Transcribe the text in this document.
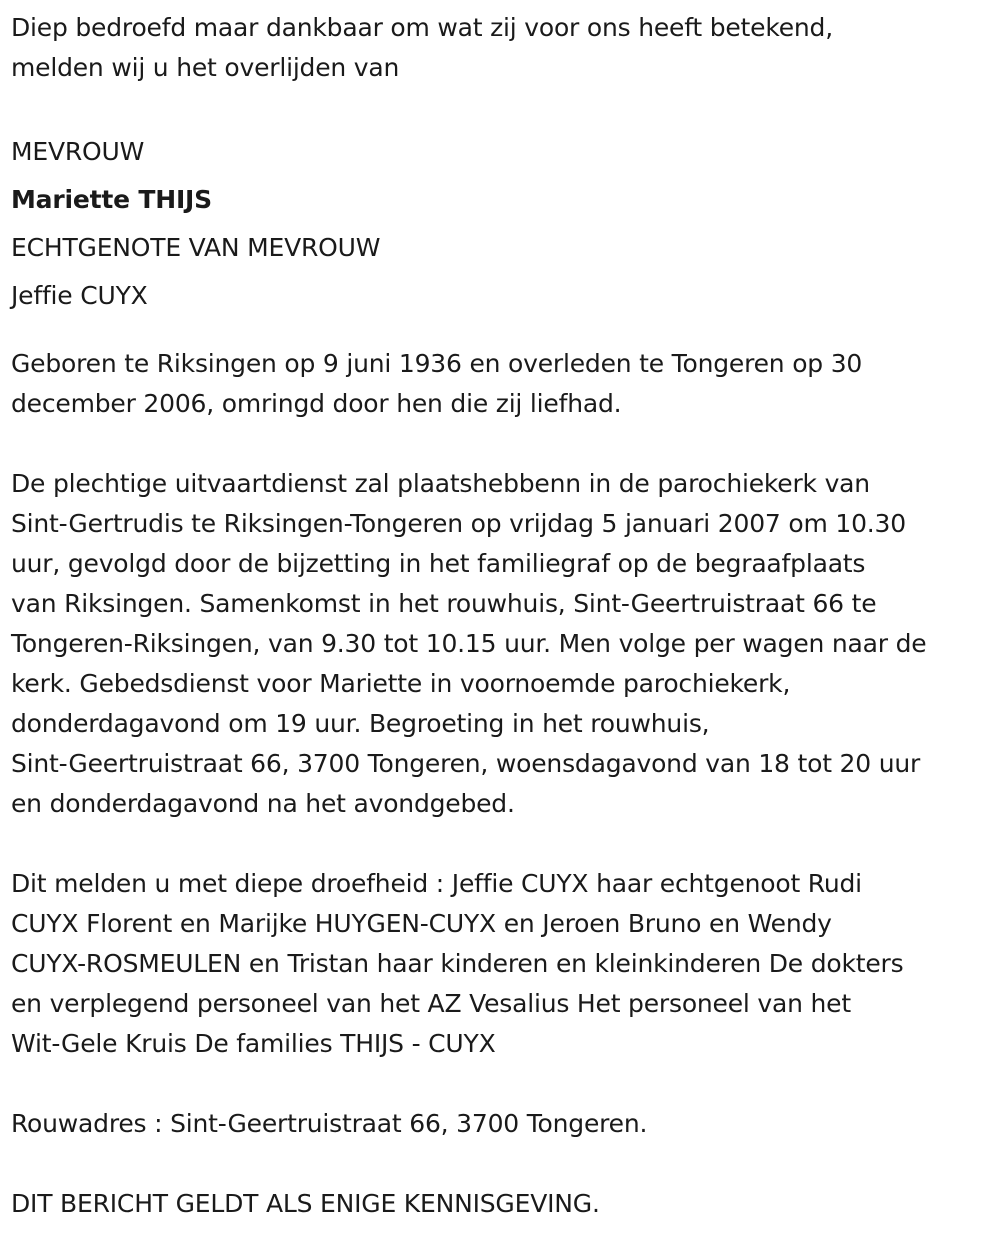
Diep bedroefd maar dankbaar om wat zij voor ons heeft betekend,

melden wij u het overlijden van

MEVROUW

Mariette THIJS

ECHTGENOTE VAN MEVROUW

Jeffie CUYX

Geboren te Riksingen op 9 juni 1936 en overleden te Tongeren op 30

december 2006, omringd door hen die zij liefhad.

De plechtige uitvaartdienst zal plaatshebbenn in de parochiekerk van

Sint-Gertrudis te Riksingen-Tongeren op vrijdag 5 januari 2007 om 10.30

uur, gevolgd door de bijzetting in het familiegraf op de begraafplaats

van Riksingen. Samenkomst in het rouwhuis, Sint-Geertruistraat 66 te

Tongeren-Riksingen, van 9.30 tot 10.15 uur. Men volge per wagen naar de

kerk. Gebedsdienst voor Mariette in voornoemde parochiekerk,

donderdagavond om 19 uur. Begroeting in het rouwhuis,

Sint-Geertruistraat 66, 3700 Tongeren, woensdagavond van 18 tot 20 uur

en donderdagavond na het avondgebed.

Dit melden u met diepe droefheid : Jeffie CUYX haar echtgenoot Rudi

CUYX Florent en Marijke HUYGEN-CUYX en Jeroen Bruno en Wendy

CUYX-ROSMEULEN en Tristan haar kinderen en kleinkinderen De dokters

en verplegend personeel van het AZ Vesalius Het personeel van het

Wit-Gele Kruis De families THIJS - CUYX

Rouwadres : Sint-Geertruistraat 66, 3700 Tongeren.

DIT BERICHT GELDT ALS ENIGE KENNISGEVING.
